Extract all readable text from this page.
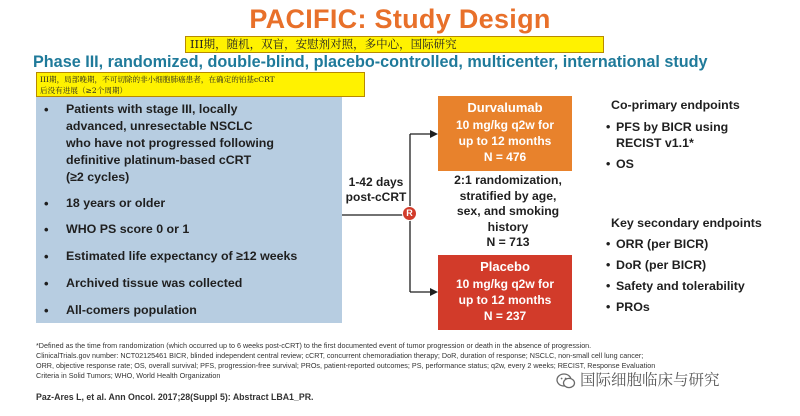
PACIFIC: Study Design
III期，随机，双盲，安慰剂对照，多中心，国际研究
Phase III, randomized, double-blind, placebo-controlled, multicenter, international study
• Patients with stage III, locally
advanced, unresectable NSCLC
who have not progressed following
definitive platinum-based cCRT
(≥2 cycles)
• 18 years or older
• WHO PS score 0 or 1
• Estimated life expectancy of ≥12 weeks
• Archived tissue was collected
• All-comers population
III期，局部晚期，不可切除的非小细胞肺癌患者，在确定的铂基cCRT
后没有进展（≥2个周期）
1-42 days
post-cCRT
R
Durvalumab
10 mg/kg q2w for
up to 12 months
N = 476
2:1 randomization,
stratified by age,
sex, and smoking
history
N = 713
Placebo
10 mg/kg q2w for
up to 12 months
N = 237
Co-primary endpoints
• PFS by BICR using
RECIST v1.1*
• OS
Key secondary endpoints
• ORR (per BICR)
• DoR (per BICR)
• Safety and tolerability
• PROs
*Defined as the time from randomization (which occurred up to 6 weeks post-cCRT) to the first documented event of tumor progression or death in the absence of progression.
ClinicalTrials.gov number: NCT02125461 BICR, blinded independent central review; cCRT, concurrent chemoradiation therapy; DoR, duration of response; NSCLC, non-small cell lung cancer;
ORR, objective response rate; OS, overall survival; PFS, progression-free survival; PROs, patient-reported outcomes; PS, performance status; q2w, every 2 weeks; RECIST, Response Evaluation
Criteria in Solid Tumors; WHO, World Health Organization	国际细胞临床与研究
Paz-Ares L, et al. Ann Oncol. 2017;28(Suppl 5): Abstract LBA1_PR.
